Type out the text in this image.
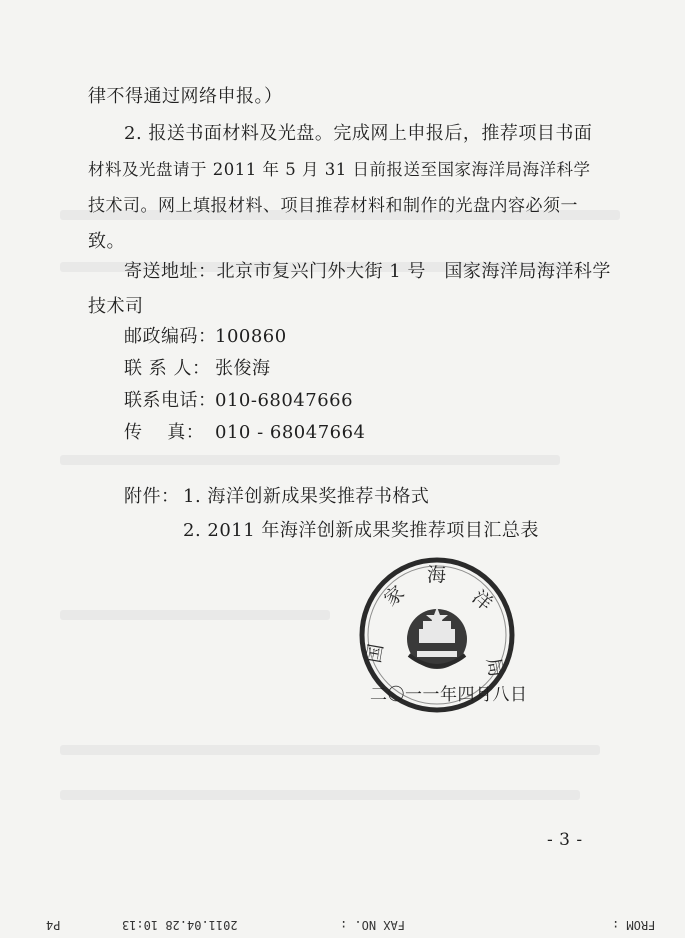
律不得通过网络申报。）
2. 报送书面材料及光盘。完成网上申报后，推荐项目书面
材料及光盘请于 2011 年 5 月 31 日前报送至国家海洋局海洋科学
技术司。网上填报材料、项目推荐材料和制作的光盘内容必须一
致。
寄送地址：北京市复兴门外大街 1 号　国家海洋局海洋科学
技术司
邮政编码：
100860
联 系 人： 张俊海
联系电话：
010-68047666
传　 真： 010 - 68047664
附件： 1. 海洋创新成果奖推荐书格式
2. 2011 年海洋创新成果奖推荐项目汇总表
家
海
洋
局
国
二〇一一年四月八日
- 3 -
P4	2011.04.28 10:13	FAX NO. :	FROM :
